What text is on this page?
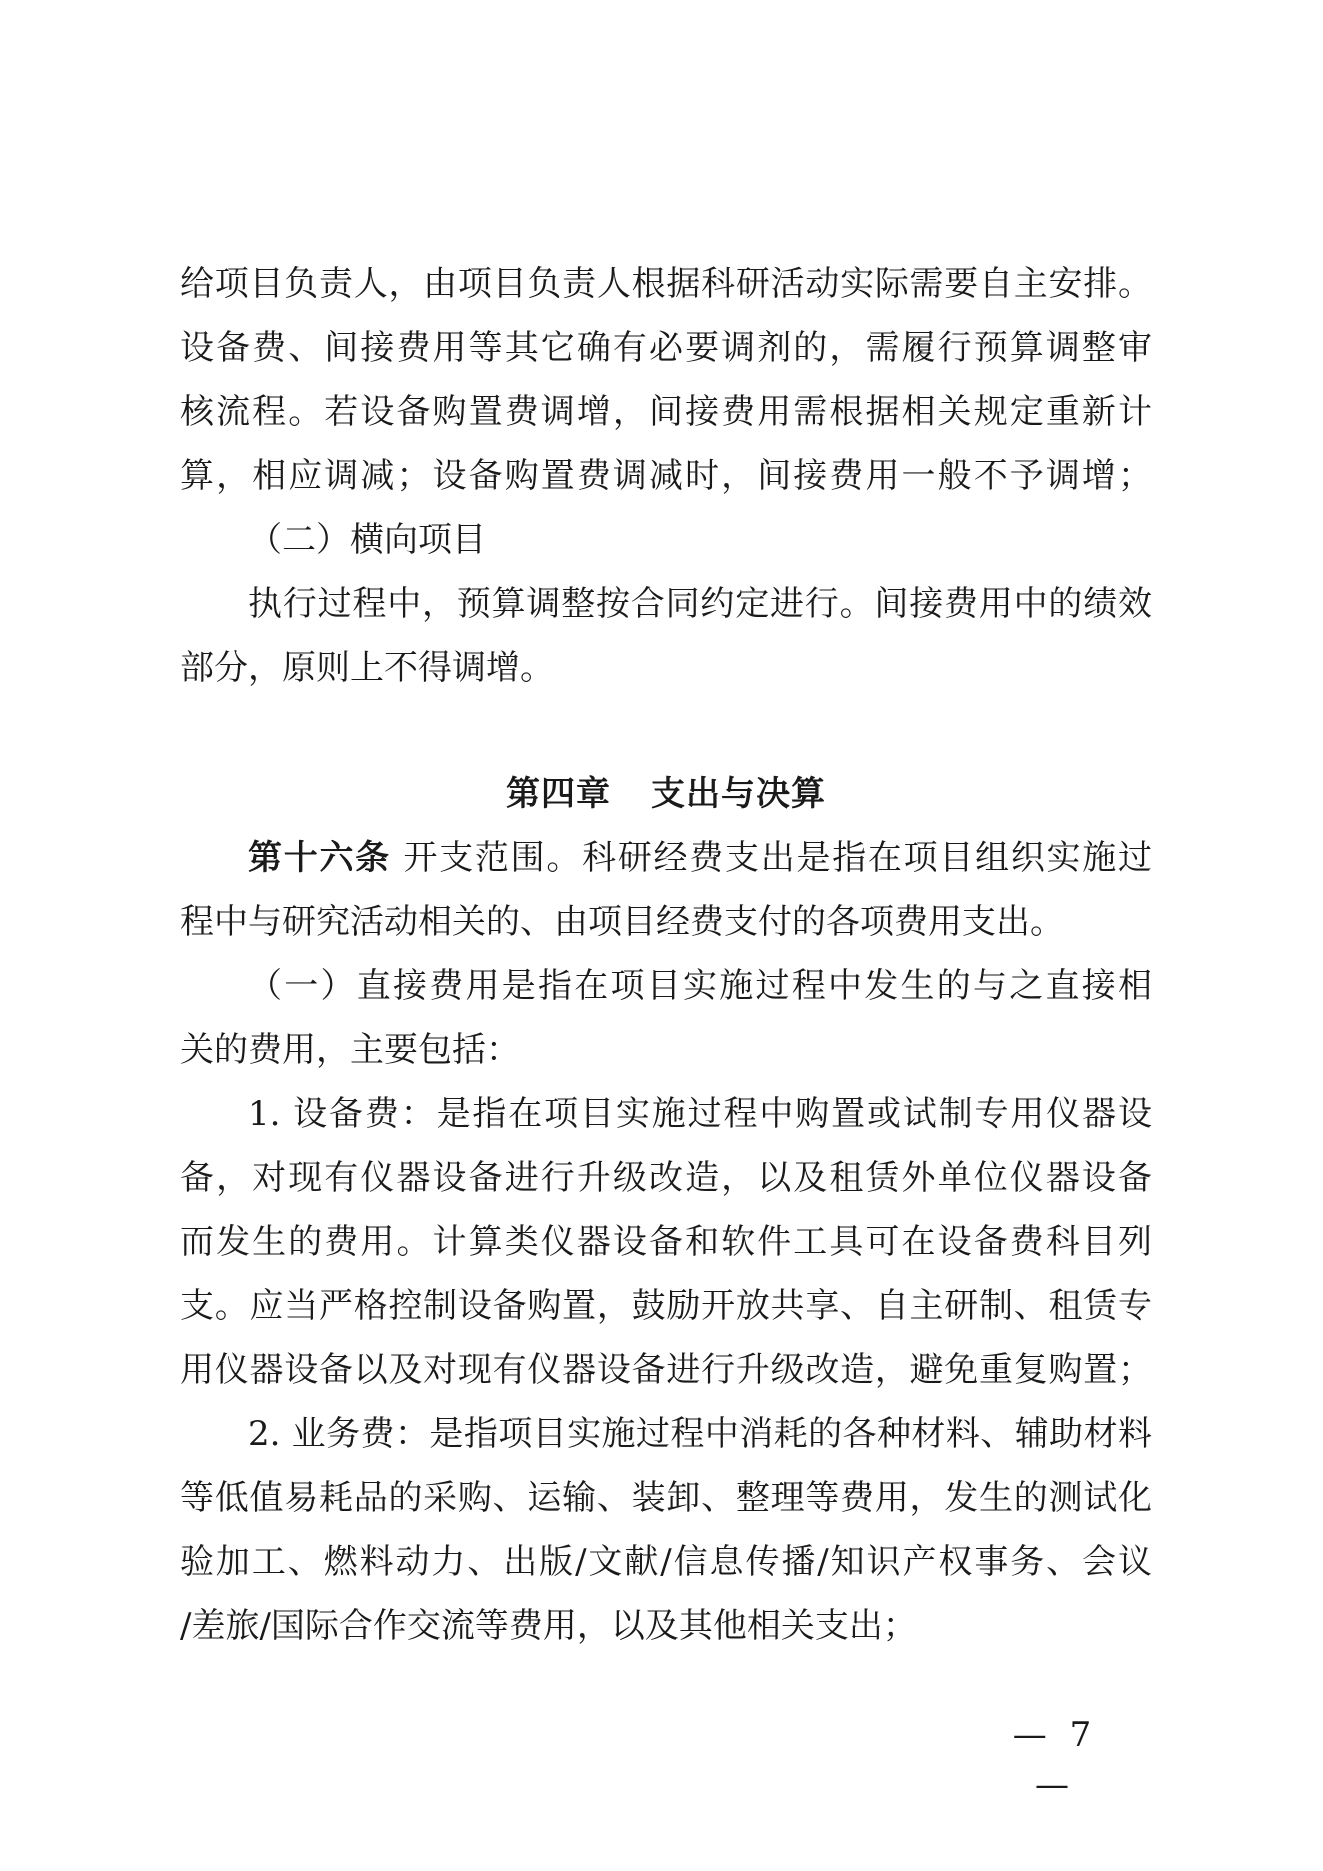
给项目负责人，由项目负责人根据科研活动实际需要自主安排。
设备费、间接费用等其它确有必要调剂的，需履行预算调整审
核流程。若设备购置费调增，间接费用需根据相关规定重新计
算，相应调减；设备购置费调减时，间接费用一般不予调增；
（二）横向项目
执行过程中，预算调整按合同约定进行。间接费用中的绩效
部分，原则上不得调增。
第四章 支出与决算
第十六条 开支范围。科研经费支出是指在项目组织实施过
程中与研究活动相关的、由项目经费支付的各项费用支出。
（一）直接费用是指在项目实施过程中发生的与之直接相
关的费用，主要包括：
1. 设备费：是指在项目实施过程中购置或试制专用仪器设
备，对现有仪器设备进行升级改造，以及租赁外单位仪器设备
而发生的费用。计算类仪器设备和软件工具可在设备费科目列
支。应当严格控制设备购置，鼓励开放共享、自主研制、租赁专
用仪器设备以及对现有仪器设备进行升级改造，避免重复购置；
2. 业务费：是指项目实施过程中消耗的各种材料、辅助材料
等低值易耗品的采购、运输、装卸、整理等费用，发生的测试化
验加工、燃料动力、出版/文献/信息传播/知识产权事务、会议
/差旅/国际合作交流等费用，以及其他相关支出；
— 7 —
